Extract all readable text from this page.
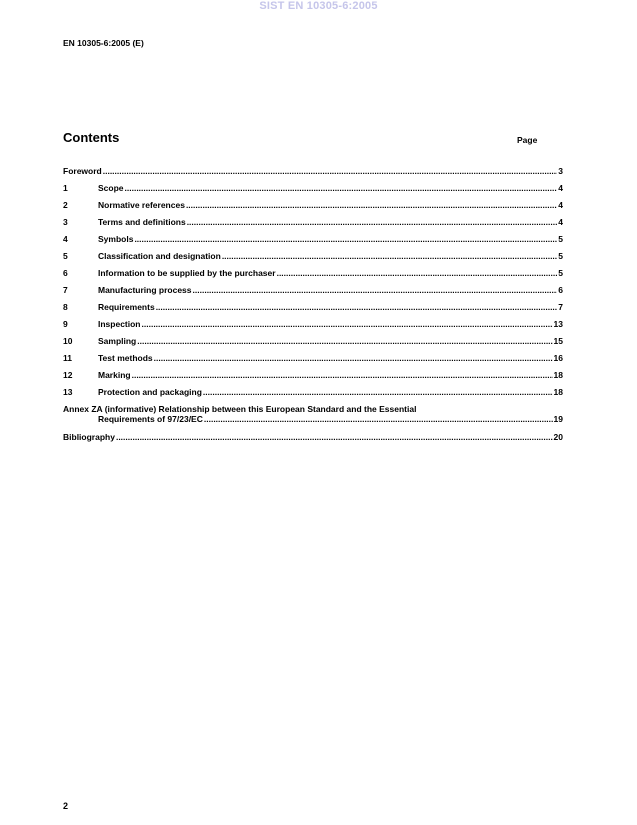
SIST EN 10305-6:2005
EN 10305-6:2005 (E)
Contents	Page
Foreword .....	3
1	Scope .....	4
2	Normative references .....	4
3	Terms and definitions .....	4
4	Symbols .....	5
5	Classification and designation .....	5
6	Information to be supplied by the purchaser .....	5
7	Manufacturing process .....	6
8	Requirements .....	7
9	Inspection .....	13
10	Sampling .....	15
11	Test methods .....	16
12	Marking .....	18
13	Protection and packaging .....	18
Annex ZA (informative) Relationship between this European Standard and the Essential
Requirements of 97/23/EC .....	19
Bibliography .....	20
2
